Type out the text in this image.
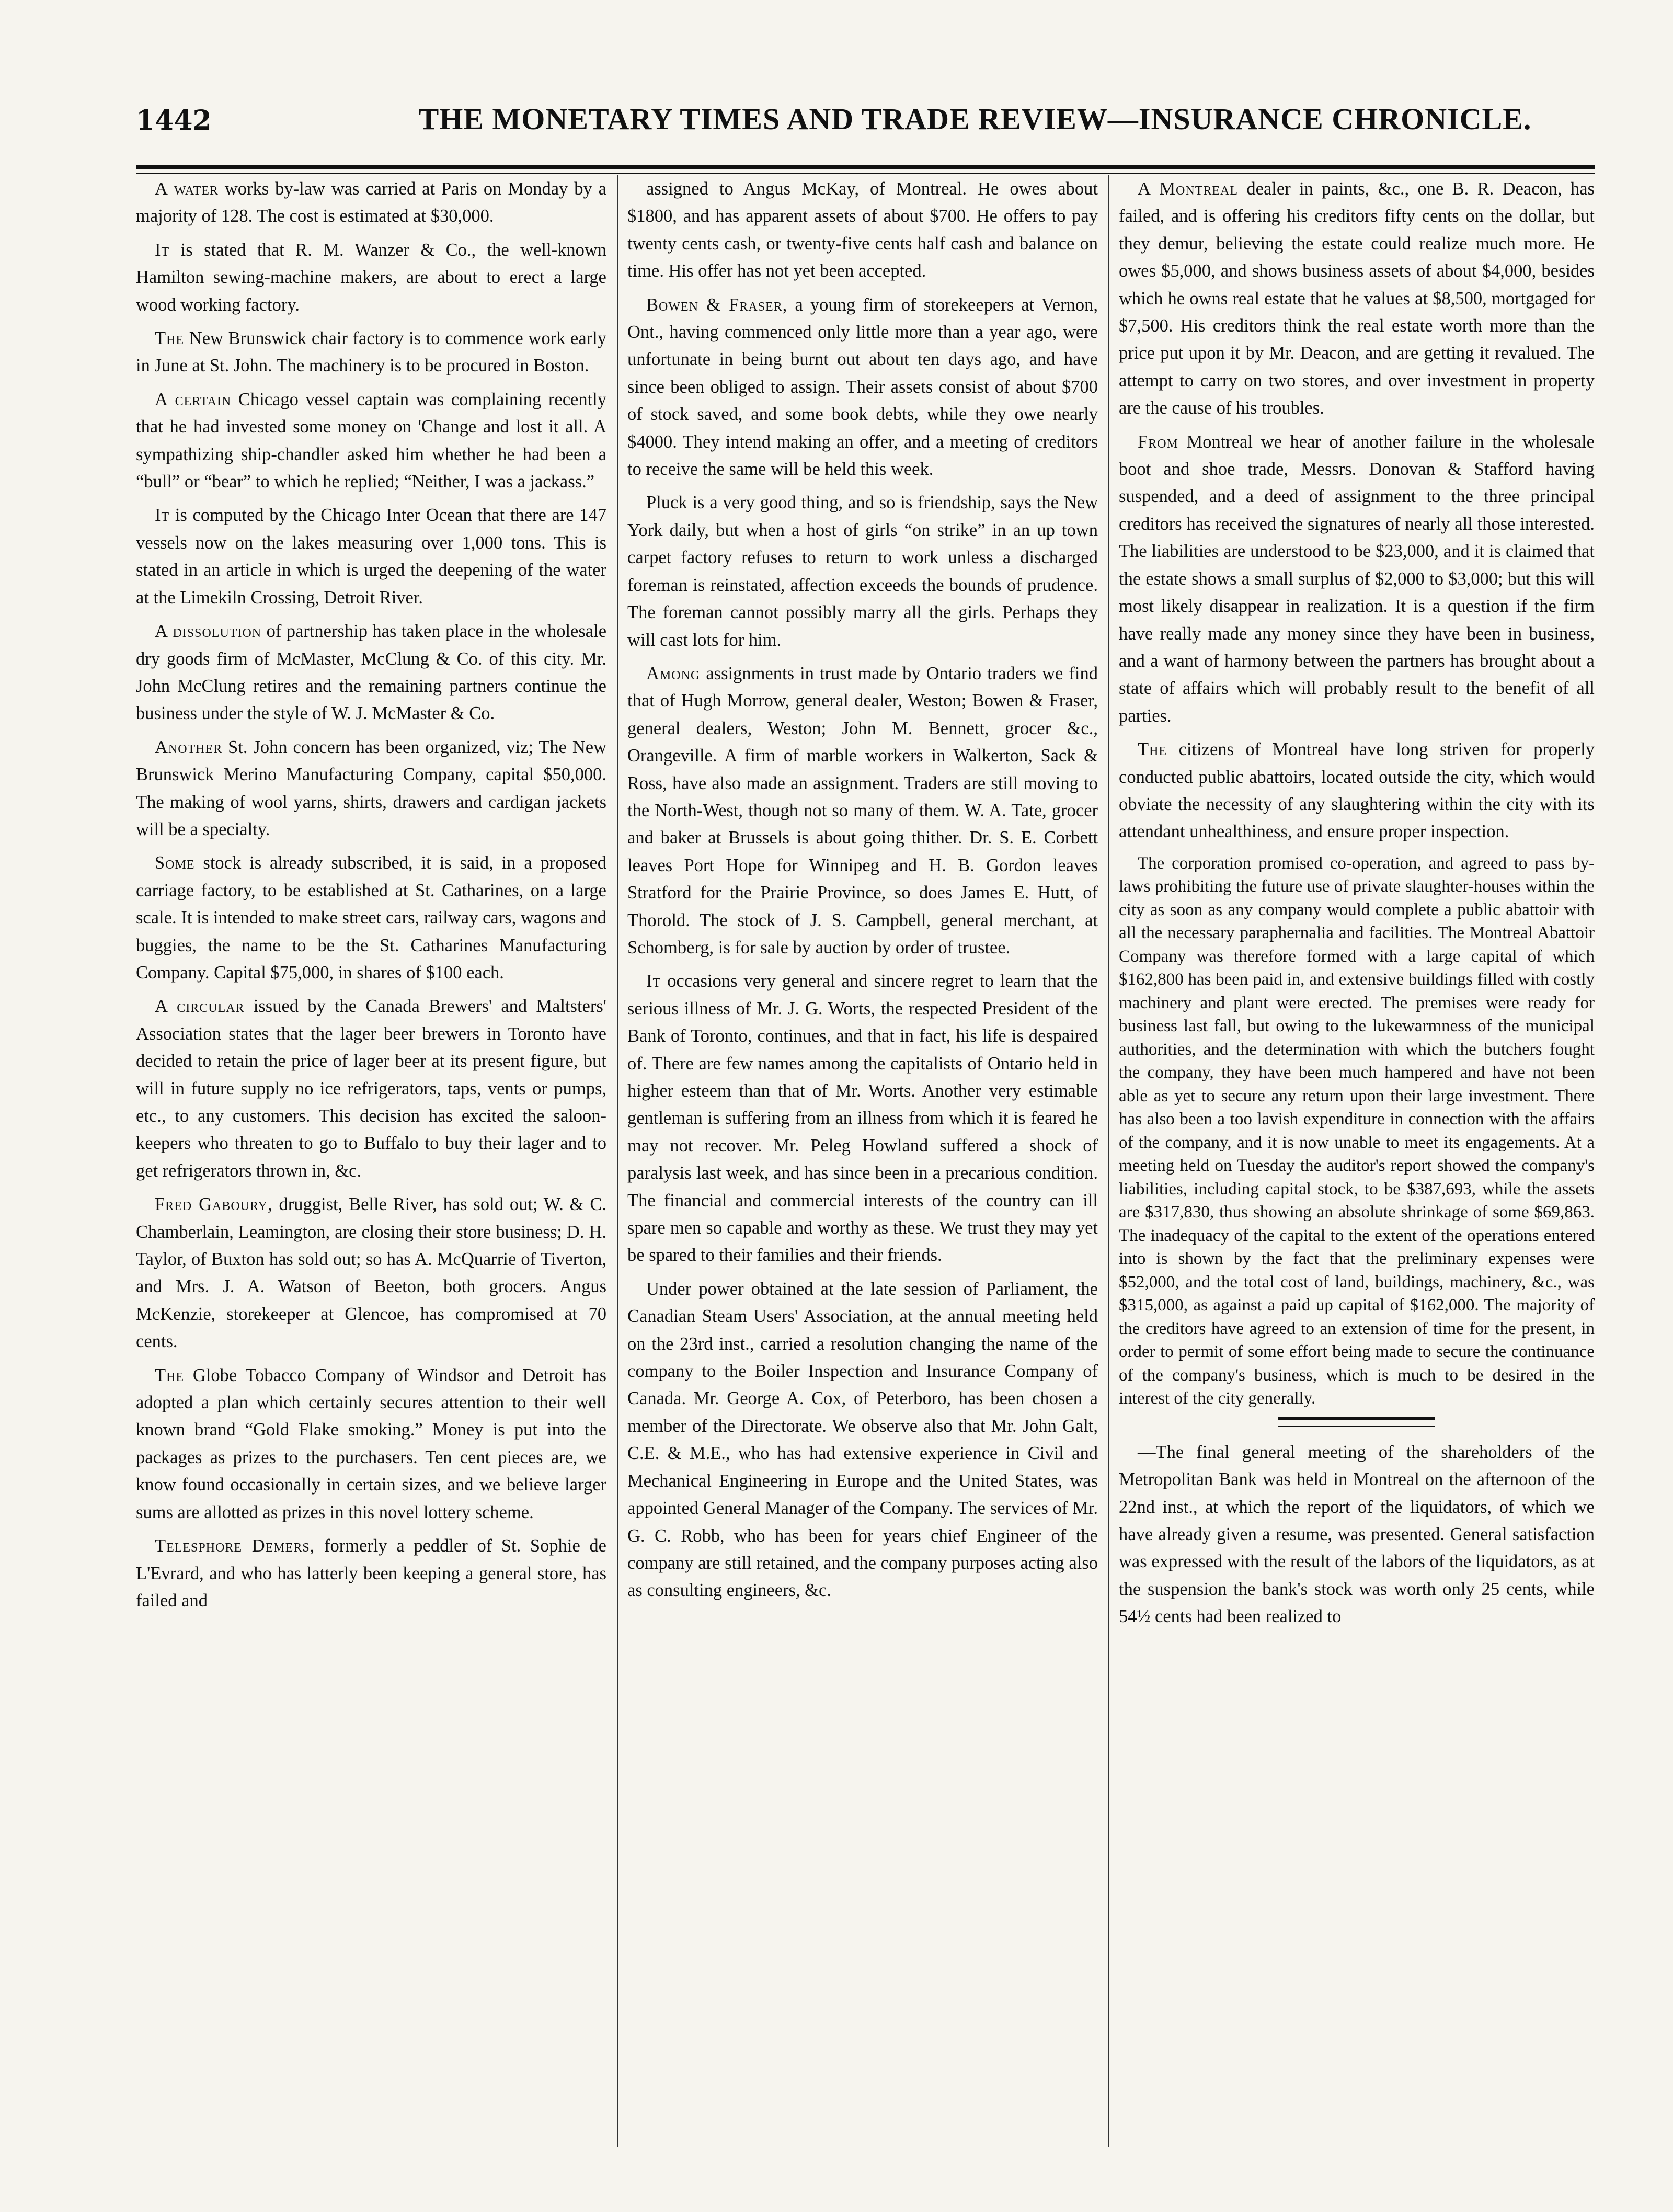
1442	THE MONETARY TIMES AND TRADE REVIEW—INSURANCE CHRONICLE.

A water works by-law was carried at Paris on Monday by a majority of 128. The cost is estimated at $30,000.

It is stated that R. M. Wanzer & Co., the well-known Hamilton sewing-machine makers, are about to erect a large wood working factory.

The New Brunswick chair factory is to commence work early in June at St. John. The machinery is to be procured in Boston.

A certain Chicago vessel captain was complaining recently that he had invested some money on 'Change and lost it all. A sympathizing ship-chandler asked him whether he had been a “bull” or “bear” to which he replied; “Neither, I was a jackass.”

It is computed by the Chicago Inter Ocean that there are 147 vessels now on the lakes measuring over 1,000 tons. This is stated in an article in which is urged the deepening of the water at the Limekiln Crossing, Detroit River.

A dissolution of partnership has taken place in the wholesale dry goods firm of McMaster, McClung & Co. of this city. Mr. John McClung retires and the remaining partners continue the business under the style of W. J. McMaster & Co.

Another St. John concern has been organized, viz; The New Brunswick Merino Manufacturing Company, capital $50,000. The making of wool yarns, shirts, drawers and cardigan jackets will be a specialty.

Some stock is already subscribed, it is said, in a proposed carriage factory, to be established at St. Catharines, on a large scale. It is intended to make street cars, railway cars, wagons and buggies, the name to be the St. Catharines Manufacturing Company. Capital $75,000, in shares of $100 each.

A circular issued by the Canada Brewers' and Maltsters' Association states that the lager beer brewers in Toronto have decided to retain the price of lager beer at its present figure, but will in future supply no ice refrigerators, taps, vents or pumps, etc., to any customers. This decision has excited the saloon-keepers who threaten to go to Buffalo to buy their lager and to get refrigerators thrown in, &c.

Fred Gaboury, druggist, Belle River, has sold out; W. & C. Chamberlain, Leamington, are closing their store business; D. H. Taylor, of Buxton has sold out; so has A. McQuarrie of Tiverton, and Mrs. J. A. Watson of Beeton, both grocers. Angus McKenzie, storekeeper at Glencoe, has compromised at 70 cents.

The Globe Tobacco Company of Windsor and Detroit has adopted a plan which certainly secures attention to their well known brand “Gold Flake smoking.” Money is put into the packages as prizes to the purchasers. Ten cent pieces are, we know found occasionally in certain sizes, and we believe larger sums are allotted as prizes in this novel lottery scheme.

Telesphore Demers, formerly a peddler of St. Sophie de L'Evrard, and who has latterly been keeping a general store, has failed and

assigned to Angus McKay, of Montreal. He owes about $1800, and has apparent assets of about $700. He offers to pay twenty cents cash, or twenty-five cents half cash and balance on time. His offer has not yet been accepted.

Bowen & Fraser, a young firm of storekeepers at Vernon, Ont., having commenced only little more than a year ago, were unfortunate in being burnt out about ten days ago, and have since been obliged to assign. Their assets consist of about $700 of stock saved, and some book debts, while they owe nearly $4000. They intend making an offer, and a meeting of creditors to receive the same will be held this week.

Pluck is a very good thing, and so is friendship, says the New York daily, but when a host of girls “on strike” in an up town carpet factory refuses to return to work unless a discharged foreman is reinstated, affection exceeds the bounds of prudence. The foreman cannot possibly marry all the girls. Perhaps they will cast lots for him.

Among assignments in trust made by Ontario traders we find that of Hugh Morrow, general dealer, Weston; Bowen & Fraser, general dealers, Weston; John M. Bennett, grocer &c., Orangeville. A firm of marble workers in Walkerton, Sack & Ross, have also made an assignment. Traders are still moving to the North-West, though not so many of them. W. A. Tate, grocer and baker at Brussels is about going thither. Dr. S. E. Corbett leaves Port Hope for Winnipeg and H. B. Gordon leaves Stratford for the Prairie Province, so does James E. Hutt, of Thorold. The stock of J. S. Campbell, general merchant, at Schomberg, is for sale by auction by order of trustee.

It occasions very general and sincere regret to learn that the serious illness of Mr. J. G. Worts, the respected President of the Bank of Toronto, continues, and that in fact, his life is despaired of. There are few names among the capitalists of Ontario held in higher esteem than that of Mr. Worts. Another very estimable gentleman is suffering from an illness from which it is feared he may not recover. Mr. Peleg Howland suffered a shock of paralysis last week, and has since been in a precarious condition. The financial and commercial interests of the country can ill spare men so capable and worthy as these. We trust they may yet be spared to their families and their friends.

Under power obtained at the late session of Parliament, the Canadian Steam Users' Association, at the annual meeting held on the 23rd inst., carried a resolution changing the name of the company to the Boiler Inspection and Insurance Company of Canada. Mr. George A. Cox, of Peterboro, has been chosen a member of the Directorate. We observe also that Mr. John Galt, C.E. & M.E., who has had extensive experience in Civil and Mechanical Engineering in Europe and the United States, was appointed General Manager of the Company. The services of Mr. G. C. Robb, who has been for years chief Engineer of the company are still retained, and the company purposes acting also as consulting engineers, &c.

A Montreal dealer in paints, &c., one B. R. Deacon, has failed, and is offering his creditors fifty cents on the dollar, but they demur, believing the estate could realize much more. He owes $5,000, and shows business assets of about $4,000, besides which he owns real estate that he values at $8,500, mortgaged for $7,500. His creditors think the real estate worth more than the price put upon it by Mr. Deacon, and are getting it revalued. The attempt to carry on two stores, and over investment in property are the cause of his troubles.

From Montreal we hear of another failure in the wholesale boot and shoe trade, Messrs. Donovan & Stafford having suspended, and a deed of assignment to the three principal creditors has received the signatures of nearly all those interested. The liabilities are understood to be $23,000, and it is claimed that the estate shows a small surplus of $2,000 to $3,000; but this will most likely disappear in realization. It is a question if the firm have really made any money since they have been in business, and a want of harmony between the partners has brought about a state of affairs which will probably result to the benefit of all parties.

The citizens of Montreal have long striven for properly conducted public abattoirs, located outside the city, which would obviate the necessity of any slaughtering within the city with its attendant unhealthiness, and ensure proper inspection.

The corporation promised co-operation, and agreed to pass by-laws prohibiting the future use of private slaughter-houses within the city as soon as any company would complete a public abattoir with all the necessary paraphernalia and facilities. The Montreal Abattoir Company was therefore formed with a large capital of which $162,800 has been paid in, and extensive buildings filled with costly machinery and plant were erected. The premises were ready for business last fall, but owing to the lukewarmness of the municipal authorities, and the determination with which the butchers fought the company, they have been much hampered and have not been able as yet to secure any return upon their large investment. There has also been a too lavish expenditure in connection with the affairs of the company, and it is now unable to meet its engagements. At a meeting held on Tuesday the auditor's report showed the company's liabilities, including capital stock, to be $387,693, while the assets are $317,830, thus showing an absolute shrinkage of some $69,863. The inadequacy of the capital to the extent of the operations entered into is shown by the fact that the preliminary expenses were $52,000, and the total cost of land, buildings, machinery, &c., was $315,000, as against a paid up capital of $162,000. The majority of the creditors have agreed to an extension of time for the present, in order to permit of some effort being made to secure the continuance of the company's business, which is much to be desired in the interest of the city generally.

—The final general meeting of the shareholders of the Metropolitan Bank was held in Montreal on the afternoon of the 22nd inst., at which the report of the liquidators, of which we have already given a resume, was presented. General satisfaction was expressed with the result of the labors of the liquidators, as at the suspension the bank's stock was worth only 25 cents, while 54½ cents had been realized to
